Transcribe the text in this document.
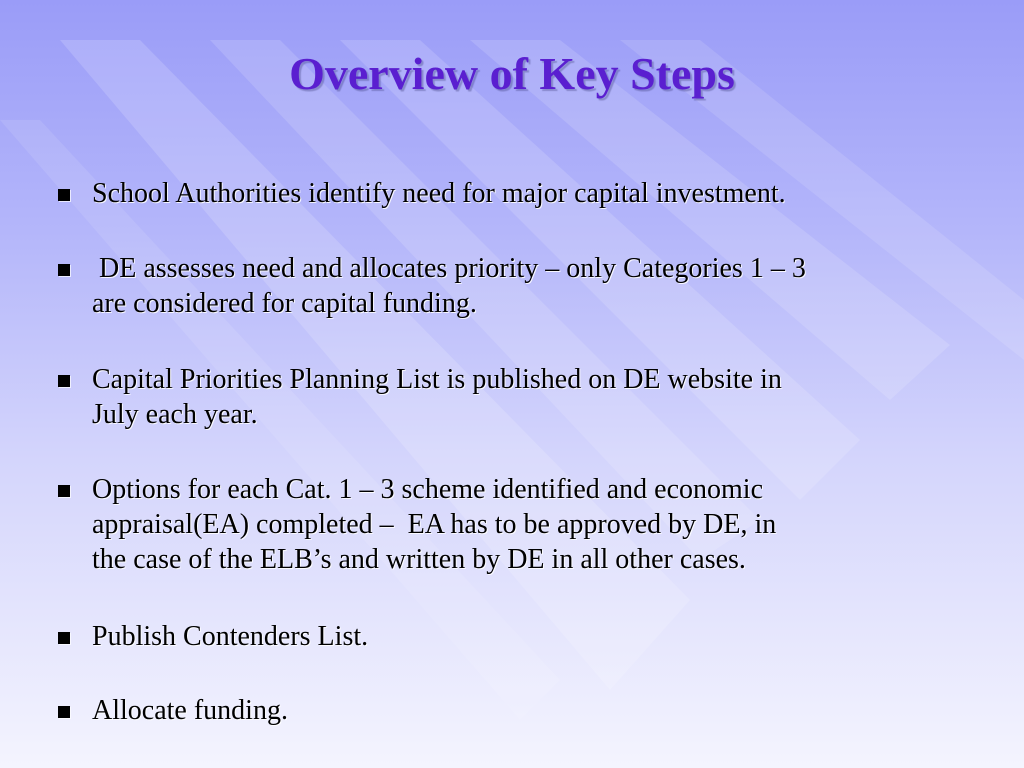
Overview of Key Steps
School Authorities identify need for major capital investment.
DE assesses need and allocates priority – only Categories 1 – 3
are considered for capital funding.
Capital Priorities Planning List is published on DE website in
July each year.
Options for each Cat. 1 – 3 scheme identified and economic
appraisal(EA) completed –  EA has to be approved by DE, in
the case of the ELB’s and written by DE in all other cases.
Publish Contenders List.
Allocate funding.
